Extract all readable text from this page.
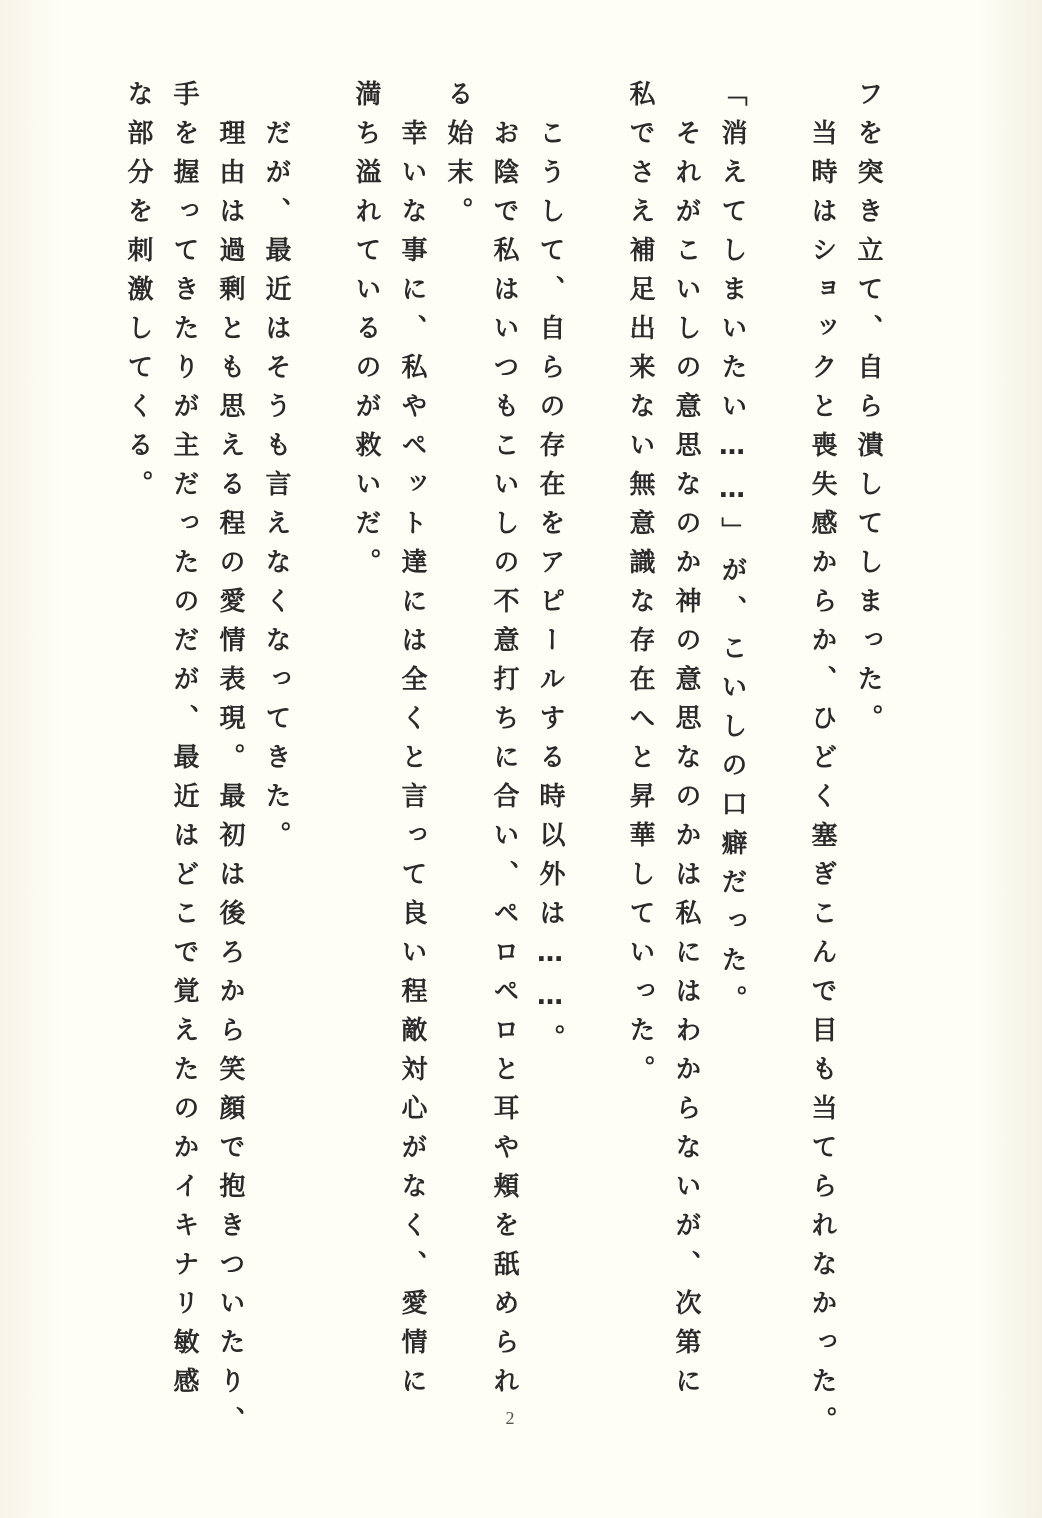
フを突き立て、自ら潰してしまった。
　当時はショックと喪失感からか、ひどく塞ぎこんで目も当てられなかった。
　それがこいしの意思なのか神の意思なのかは私にはわからないが、次第に
私でさえ補足出来ない無意識な存在へと昇華していった。 「消えてしまいたい……」が、こいしの口癖だった。
　こうして、自らの存在をアピールする時以外は……。
　お陰で私はいつもこいしの不意打ちに合い、ペロペロと耳や頬を舐められ
る始末。
　幸いな事に、私やペット達には全くと言って良い程敵対心がなく、愛情に
満ち溢れているのが救いだ。
　だが、最近はそうも言えなくなってきた。
　理由は過剰とも思える程の愛情表現。最初は後ろから笑顔で抱きついたり、
手を握ってきたりが主だったのだが、最近はどこで覚えたのかイキナリ敏感
な部分を刺激してくる。
2
